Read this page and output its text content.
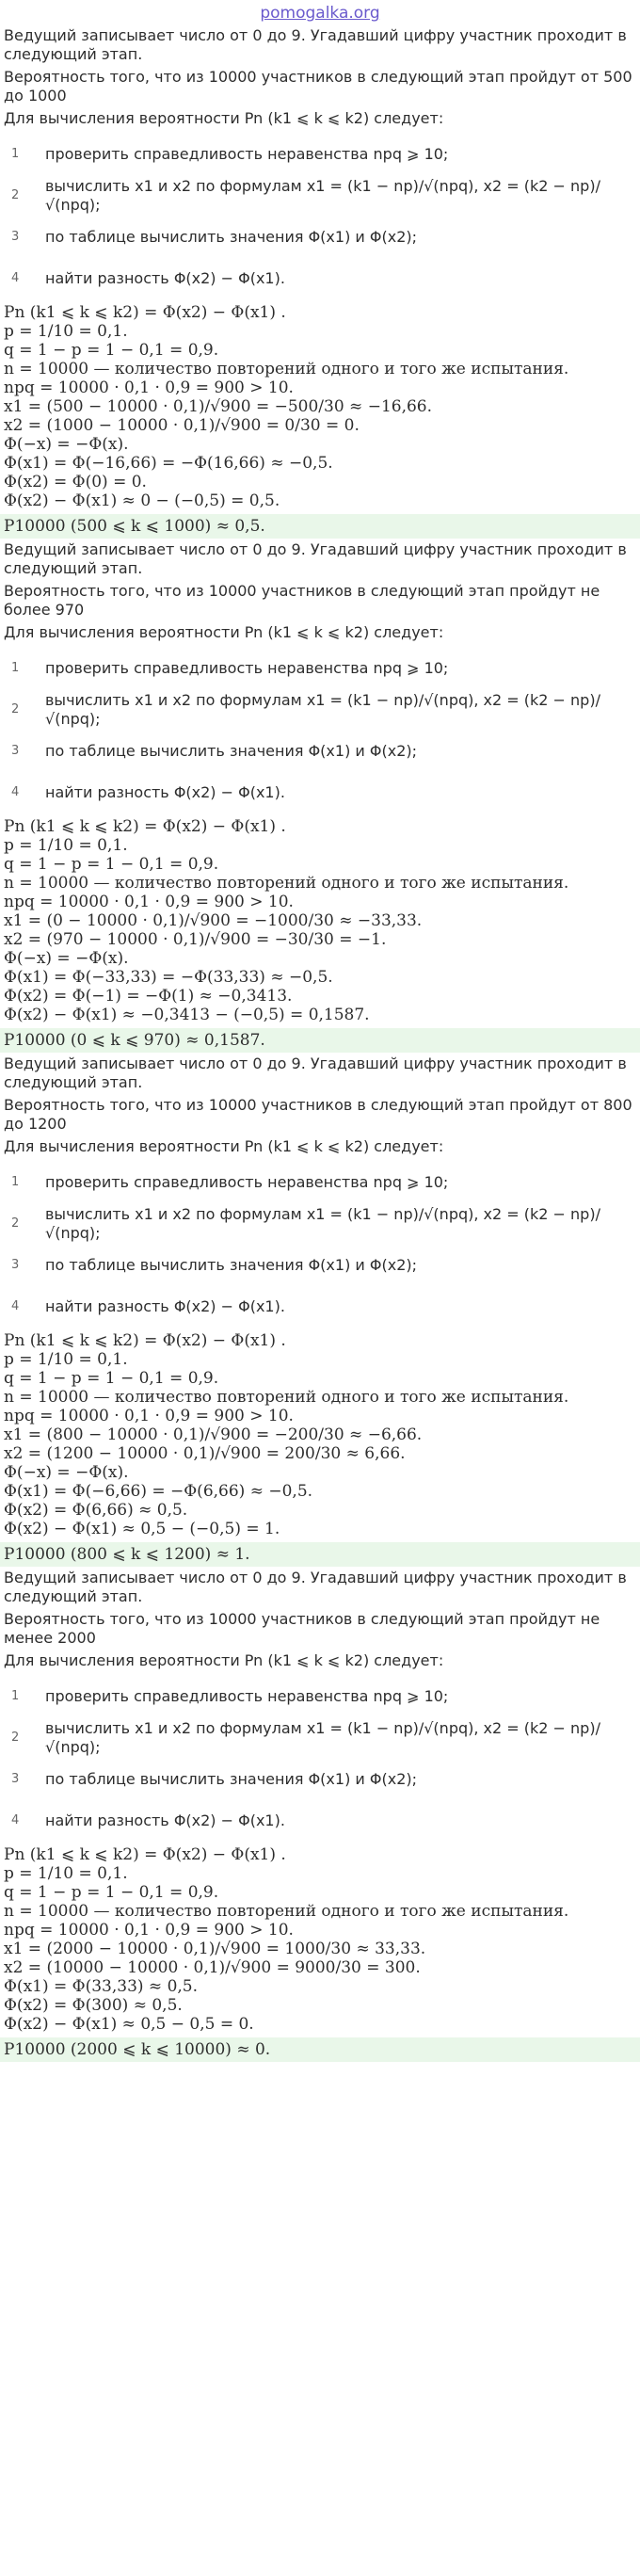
pomogalka.org

Ведущий записывает число от 0 до 9. Угадавший цифру участник проходит в следующий этап.

Вероятность того, что из 10000 участников в следующий этап пройдут от 500 до 1000

Для вычисления вероятности Pn (k1 ⩽ k ⩽ k2) следует:

1	проверить справедливость неравенства npq ⩾ 10;
2
вычислить x1 и x2 по формулам x1 = (k1 − np)/√(npq), x2 = (k2 − np)/√(npq);
3	по таблице вычислить значения Φ(x1) и Φ(x2);
4	найти разность Φ(x2) − Φ(x1).
Pn (k1 ⩽ k ⩽ k2) = Φ(x2) − Φ(x1) .
p = 1/10 = 0,1.
q = 1 − p = 1 − 0,1 = 0,9.
n = 10000 — количество повторений одного и того же испытания.
npq = 10000 · 0,1 · 0,9 = 900 > 10.
x1 = (500 − 10000 · 0,1)/√900 = −500/30 ≈ −16,66.
x2 = (1000 − 10000 · 0,1)/√900 = 0/30 = 0.
Φ(−x) = −Φ(x).
Φ(x1) = Φ(−16,66) = −Φ(16,66) ≈ −0,5.
Φ(x2) = Φ(0) = 0.
Φ(x2) − Φ(x1) ≈ 0 − (−0,5) = 0,5.
P10000 (500 ⩽ k ⩽ 1000) ≈ 0,5.

Ведущий записывает число от 0 до 9. Угадавший цифру участник проходит в следующий этап.

Вероятность того, что из 10000 участников в следующий этап пройдут не более 970

Для вычисления вероятности Pn (k1 ⩽ k ⩽ k2) следует:

1	проверить справедливость неравенства npq ⩾ 10;
2
вычислить x1 и x2 по формулам x1 = (k1 − np)/√(npq), x2 = (k2 − np)/√(npq);
3	по таблице вычислить значения Φ(x1) и Φ(x2);
4	найти разность Φ(x2) − Φ(x1).
Pn (k1 ⩽ k ⩽ k2) = Φ(x2) − Φ(x1) .
p = 1/10 = 0,1.
q = 1 − p = 1 − 0,1 = 0,9.
n = 10000 — количество повторений одного и того же испытания.
npq = 10000 · 0,1 · 0,9 = 900 > 10.
x1 = (0 − 10000 · 0,1)/√900 = −1000/30 ≈ −33,33.
x2 = (970 − 10000 · 0,1)/√900 = −30/30 = −1.
Φ(−x) = −Φ(x).
Φ(x1) = Φ(−33,33) = −Φ(33,33) ≈ −0,5.
Φ(x2) = Φ(−1) = −Φ(1) ≈ −0,3413.
Φ(x2) − Φ(x1) ≈ −0,3413 − (−0,5) = 0,1587.
P10000 (0 ⩽ k ⩽ 970) ≈ 0,1587.

Ведущий записывает число от 0 до 9. Угадавший цифру участник проходит в следующий этап.

Вероятность того, что из 10000 участников в следующий этап пройдут от 800 до 1200

Для вычисления вероятности Pn (k1 ⩽ k ⩽ k2) следует:

1	проверить справедливость неравенства npq ⩾ 10;
2
вычислить x1 и x2 по формулам x1 = (k1 − np)/√(npq), x2 = (k2 − np)/√(npq);
3	по таблице вычислить значения Φ(x1) и Φ(x2);
4	найти разность Φ(x2) − Φ(x1).
Pn (k1 ⩽ k ⩽ k2) = Φ(x2) − Φ(x1) .
p = 1/10 = 0,1.
q = 1 − p = 1 − 0,1 = 0,9.
n = 10000 — количество повторений одного и того же испытания.
npq = 10000 · 0,1 · 0,9 = 900 > 10.
x1 = (800 − 10000 · 0,1)/√900 = −200/30 ≈ −6,66.
x2 = (1200 − 10000 · 0,1)/√900 = 200/30 ≈ 6,66.
Φ(−x) = −Φ(x).
Φ(x1) = Φ(−6,66) = −Φ(6,66) ≈ −0,5.
Φ(x2) = Φ(6,66) ≈ 0,5.
Φ(x2) − Φ(x1) ≈ 0,5 − (−0,5) = 1.
P10000 (800 ⩽ k ⩽ 1200) ≈ 1.

Ведущий записывает число от 0 до 9. Угадавший цифру участник проходит в следующий этап.

Вероятность того, что из 10000 участников в следующий этап пройдут не менее 2000

Для вычисления вероятности Pn (k1 ⩽ k ⩽ k2) следует:

1	проверить справедливость неравенства npq ⩾ 10;
2
вычислить x1 и x2 по формулам x1 = (k1 − np)/√(npq), x2 = (k2 − np)/√(npq);
3	по таблице вычислить значения Φ(x1) и Φ(x2);
4	найти разность Φ(x2) − Φ(x1).
Pn (k1 ⩽ k ⩽ k2) = Φ(x2) − Φ(x1) .
p = 1/10 = 0,1.
q = 1 − p = 1 − 0,1 = 0,9.
n = 10000 — количество повторений одного и того же испытания.
npq = 10000 · 0,1 · 0,9 = 900 > 10.
x1 = (2000 − 10000 · 0,1)/√900 = 1000/30 ≈ 33,33.
x2 = (10000 − 10000 · 0,1)/√900 = 9000/30 = 300.
Φ(x1) = Φ(33,33) ≈ 0,5.
Φ(x2) = Φ(300) ≈ 0,5.
Φ(x2) − Φ(x1) ≈ 0,5 − 0,5 = 0.
P10000 (2000 ⩽ k ⩽ 10000) ≈ 0.
